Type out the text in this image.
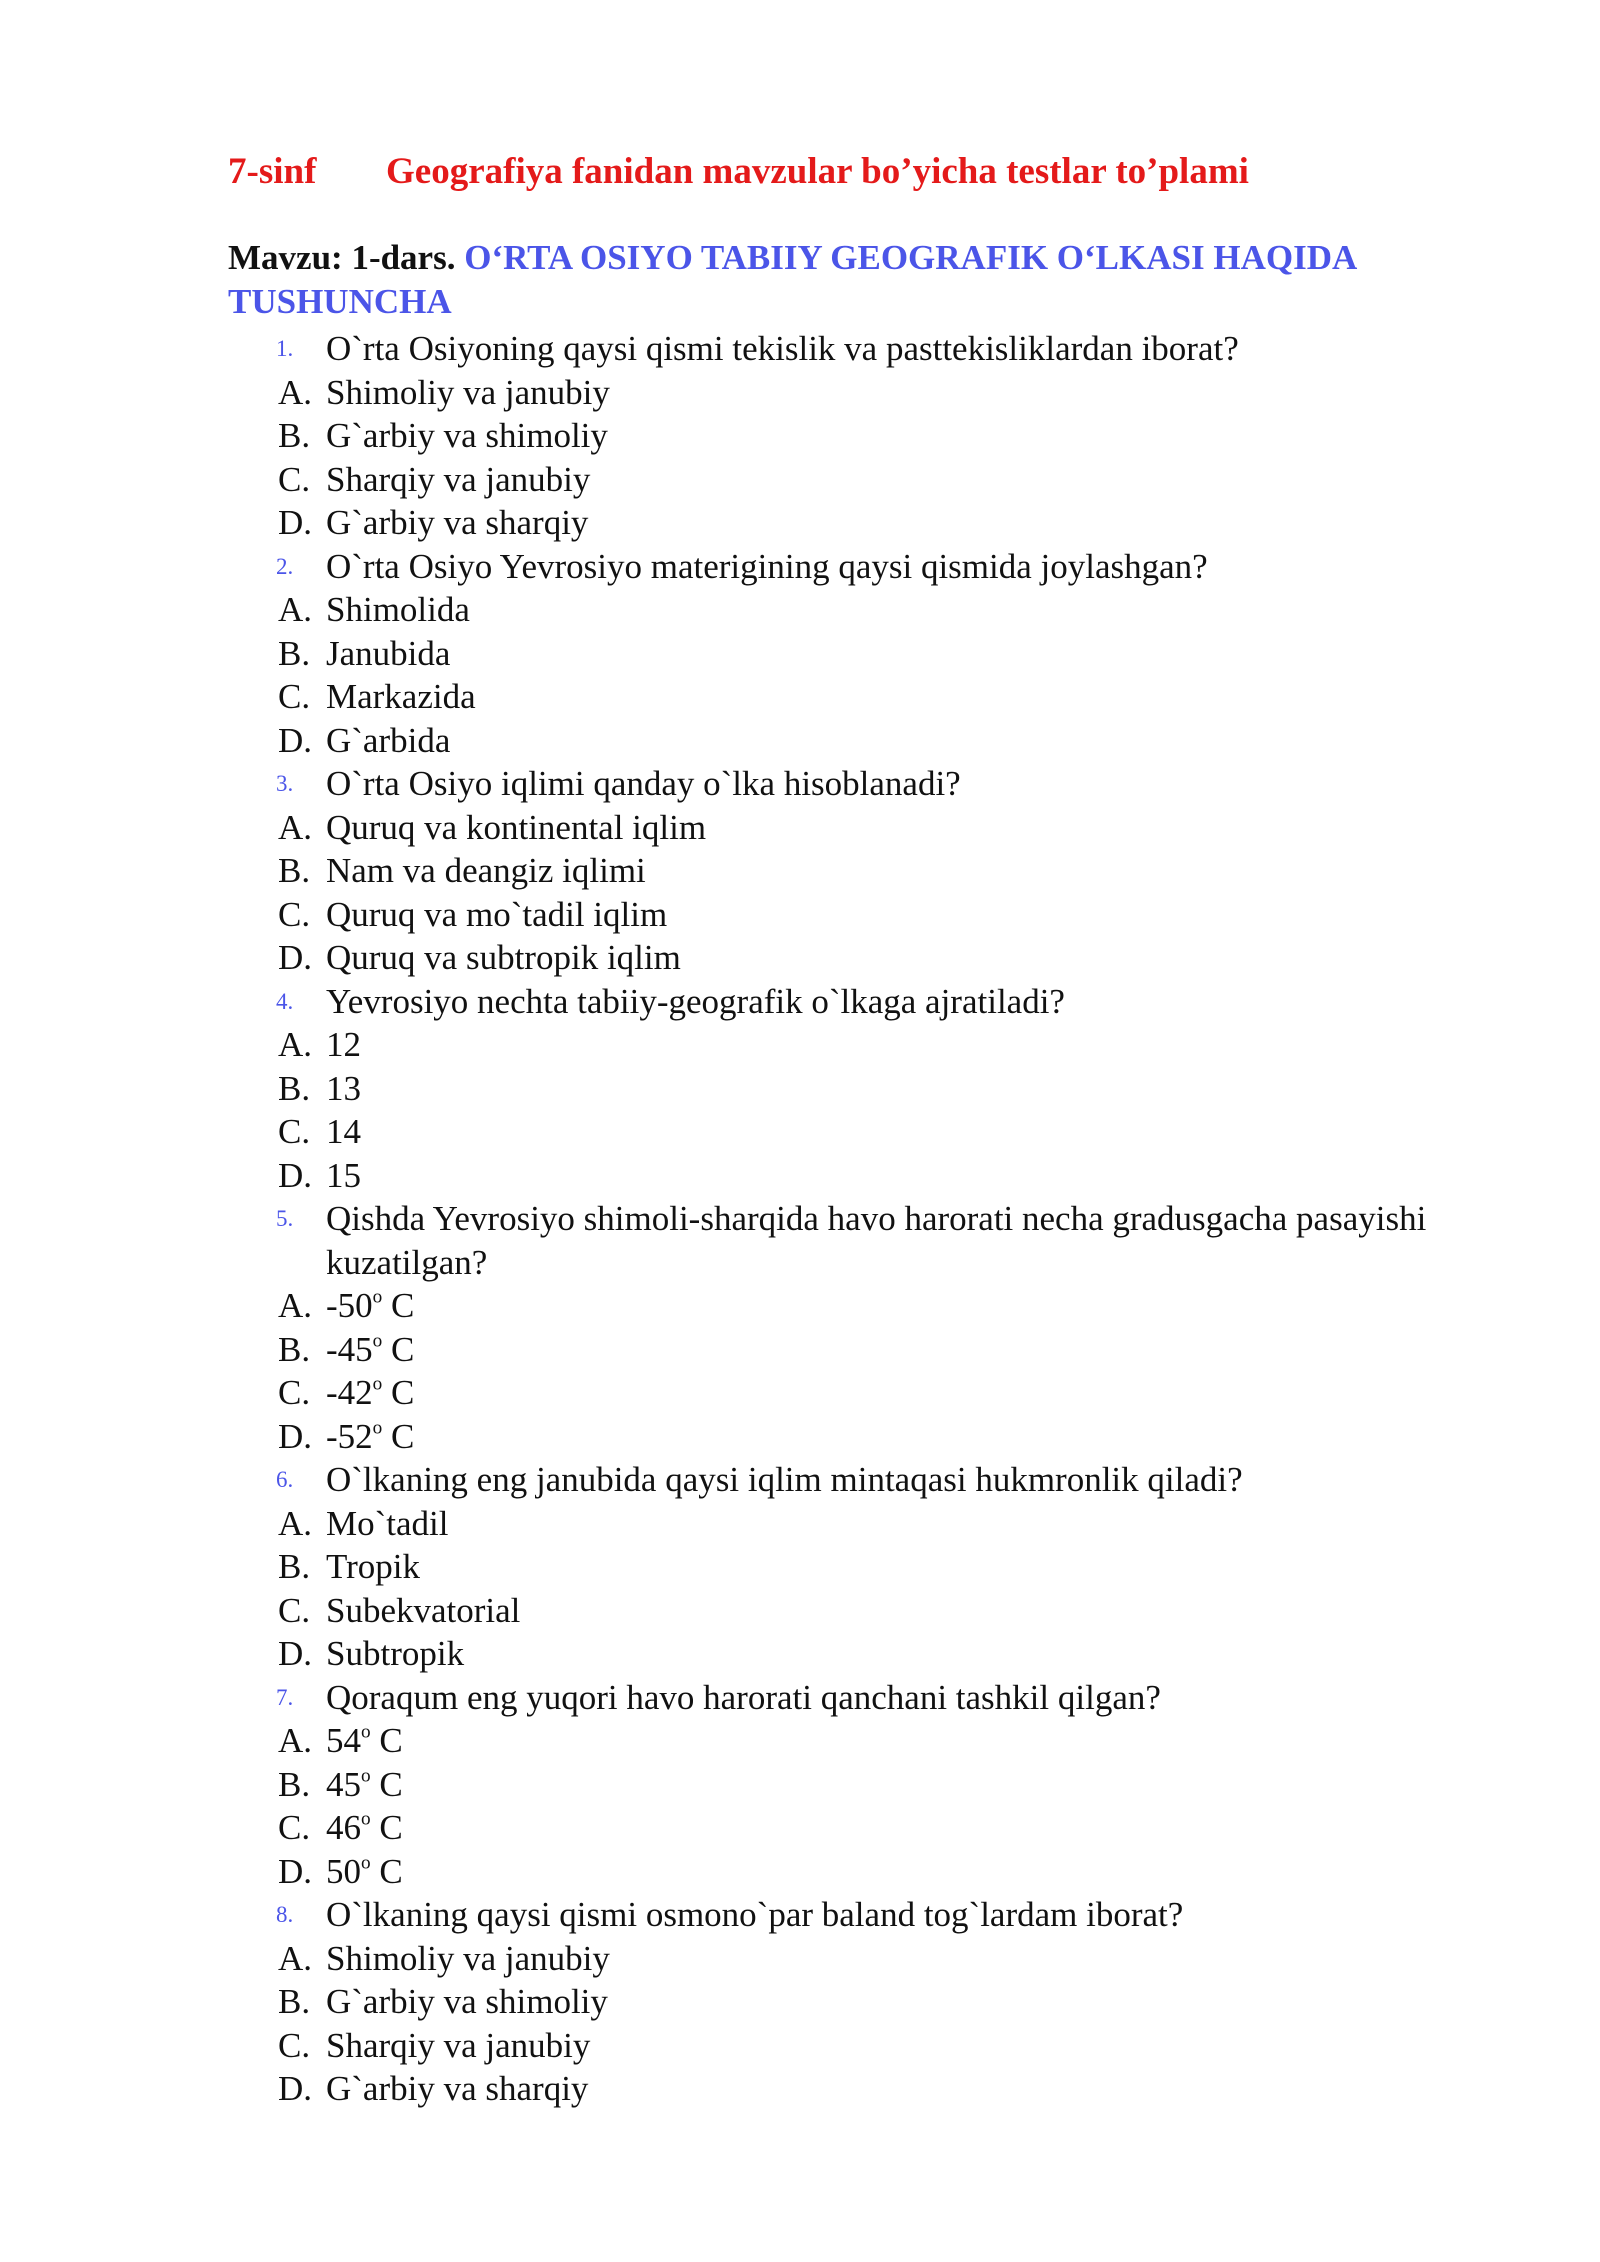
7-sinf Geografiya fanidan mavzular bo’yicha testlar to’plami
Mavzu: 1-dars. O‘RTA OSIYO TABIIY GEOGRAFIK O‘LKASI HAQIDA TUSHUNCHA
1. O`rta Osiyoning qaysi qismi tekislik va pasttekisliklardan iborat?
A. Shimoliy va janubiy
B. G`arbiy va shimoliy
C. Sharqiy va janubiy
D. G`arbiy va sharqiy
2. O`rta Osiyo Yevrosiyo materigining qaysi qismida joylashgan?
A. Shimolida
B. Janubida
C. Markazida
D. G`arbida
3. O`rta Osiyo iqlimi qanday o`lka hisoblanadi?
A. Quruq va kontinental iqlim
B. Nam va deangiz iqlimi
C. Quruq va mo`tadil iqlim
D. Quruq va subtropik iqlim
4. Yevrosiyo nechta tabiiy-geografik o`lkaga ajratiladi?
A. 12
B. 13
C. 14
D. 15
5. Qishda Yevrosiyo shimoli-sharqida havo harorati necha gradusgacha pasayishi kuzatilgan?
A. -50$^o$ C
B. -45$^o$ C
C. -42$^o$ C
D. -52$^o$ C
6. O`lkaning eng janubida qaysi iqlim mintaqasi hukmronlik qiladi?
A. Mo`tadil
B. Tropik
C. Subekvatorial
D. Subtropik
7. Qoraqum eng yuqori havo harorati qanchani tashkil qilgan?
A. 54$^o$ C
B. 45$^o$ C
C. 46$^o$ C
D. 50$^o$ C
8. O`lkaning qaysi qismi osmono`par baland tog`lardam iborat?
A. Shimoliy va janubiy
B. G`arbiy va shimoliy
C. Sharqiy va janubiy
D. G`arbiy va sharqiy
